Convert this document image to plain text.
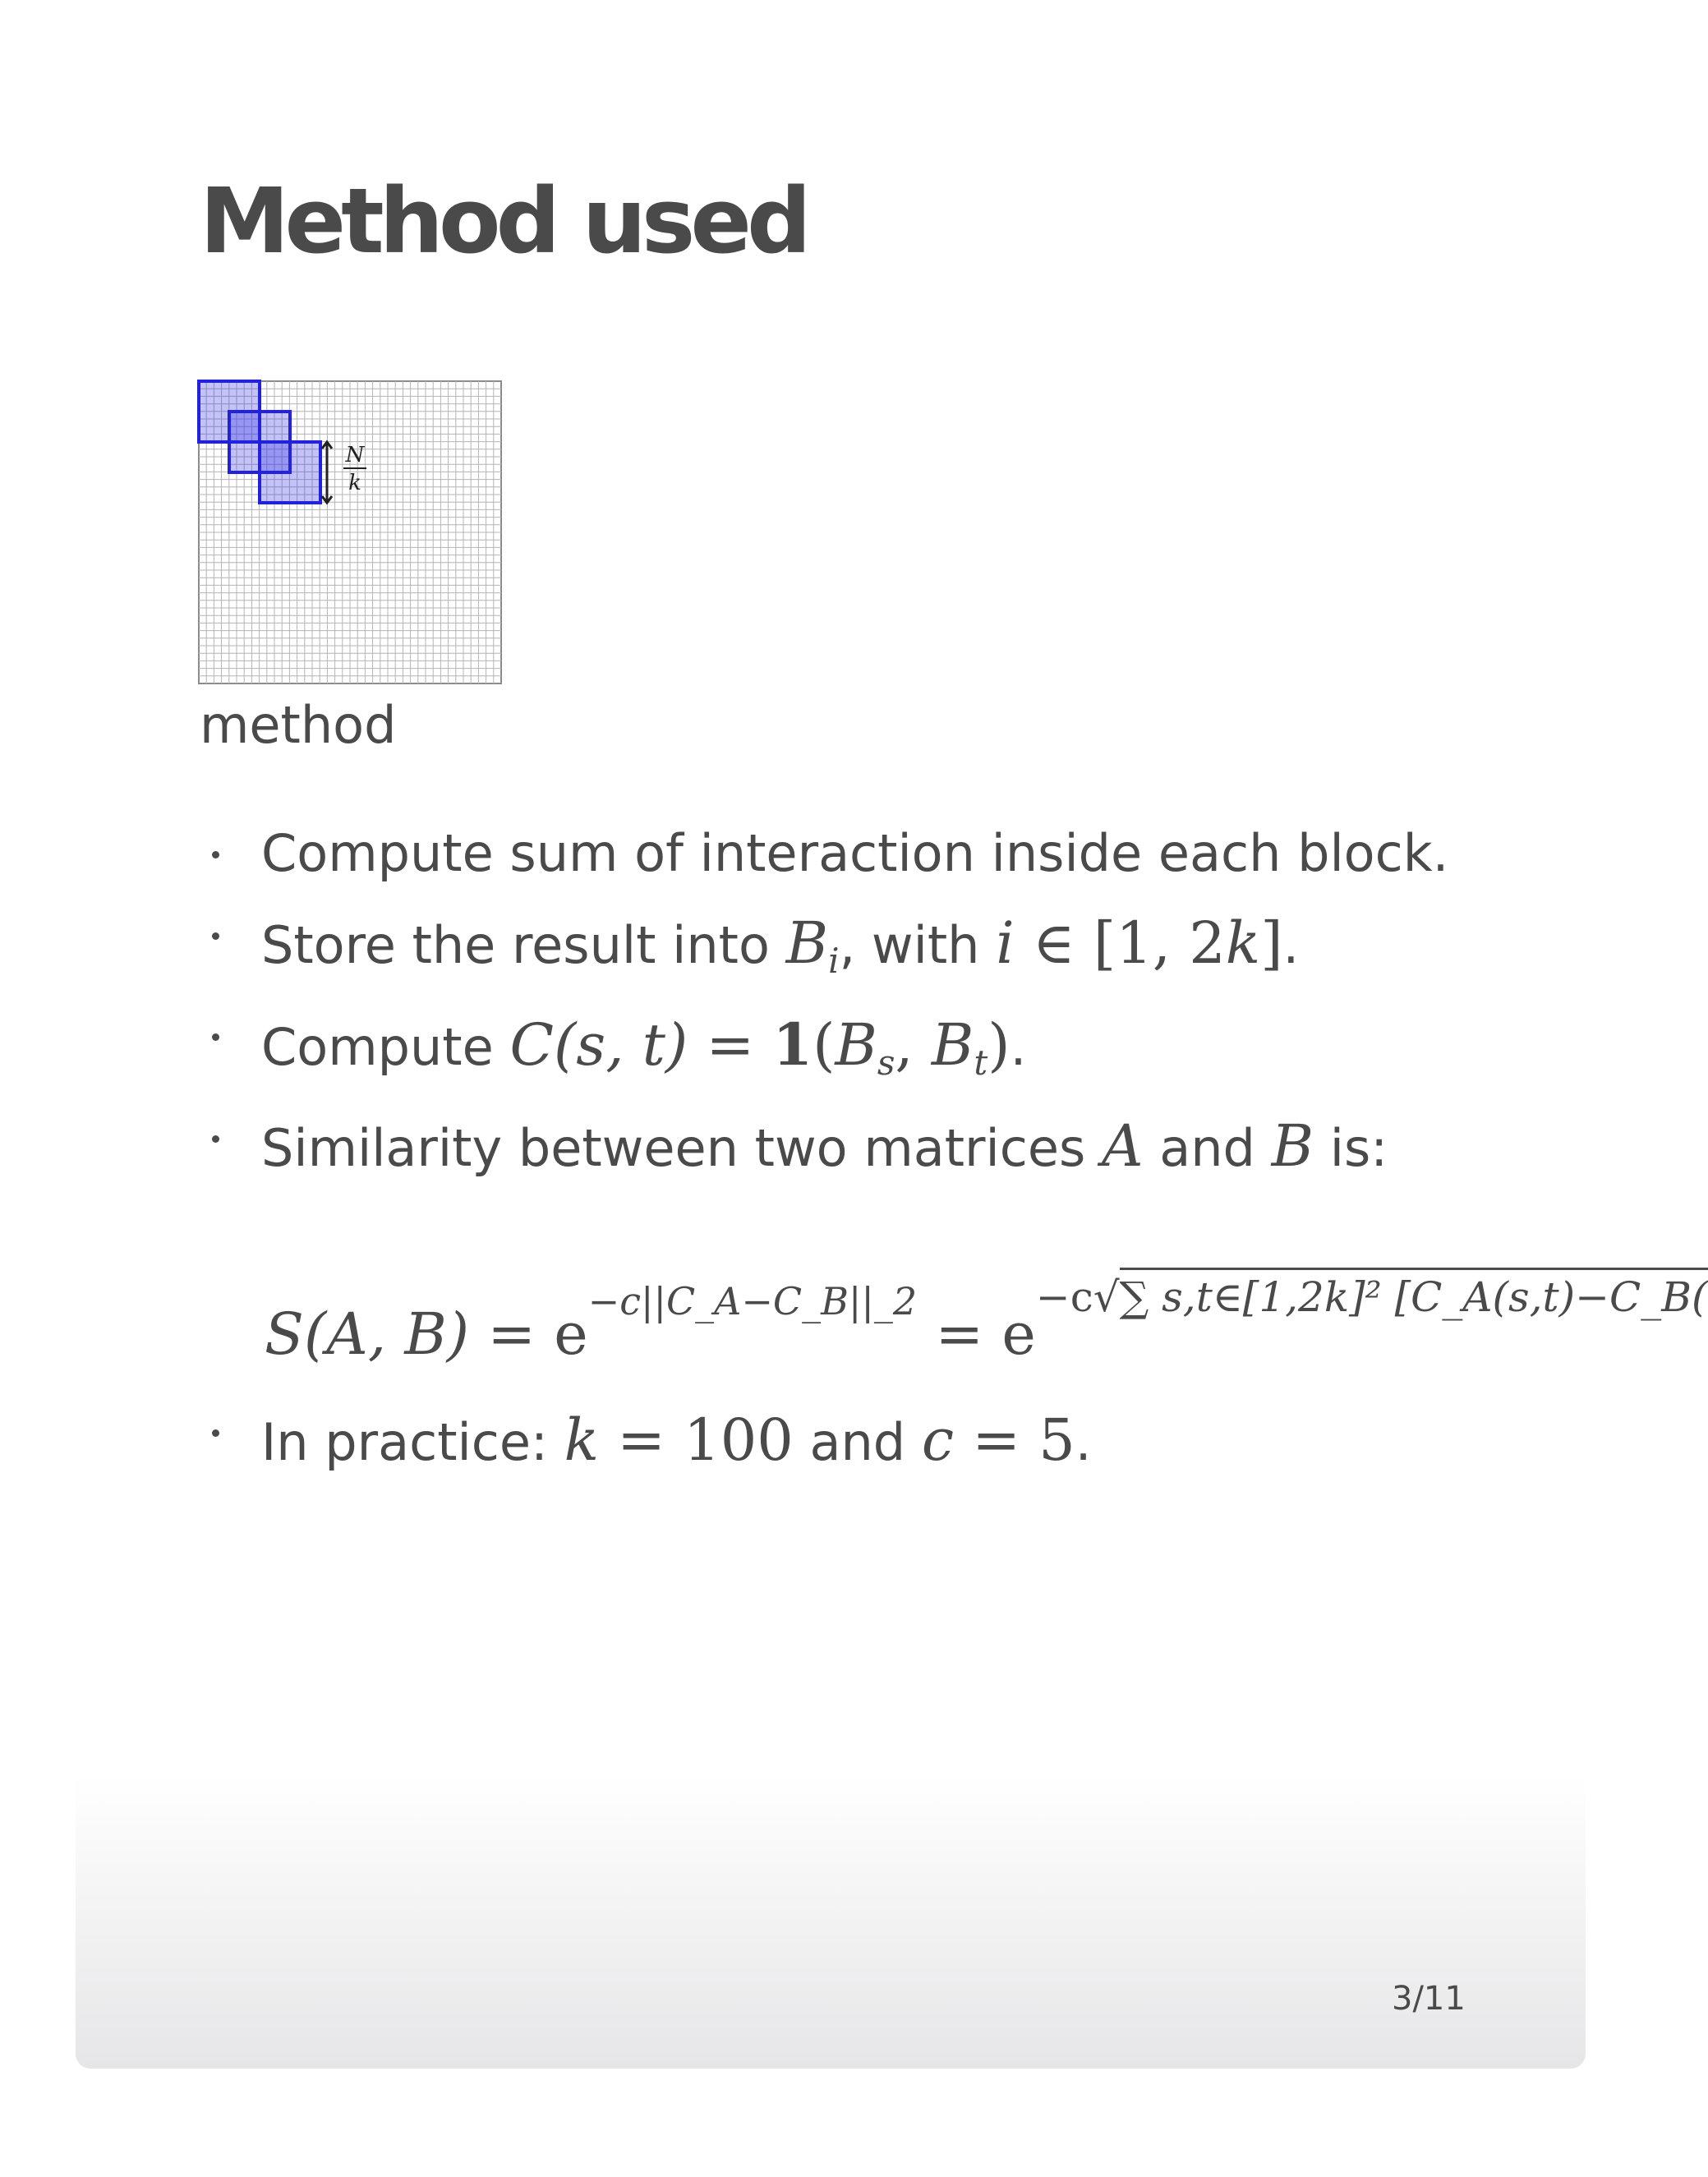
Method used
N
k
method
Compute sum of interaction inside each block.
Store the result into $B_i$, with i ∈ [1, 2k].
Compute C(s, $t) = 1(B_s$, $B_t$).
Similarity between two matrices A and B is:
In practice: k = 100 and c = 5.
S(A, $B) = e^{-c||C\_A-C\_B||\_2} = e^{-c√\sum s,t\in[1,2k]^2 [C\_A(s,t)-C\_B(}$
3/11
